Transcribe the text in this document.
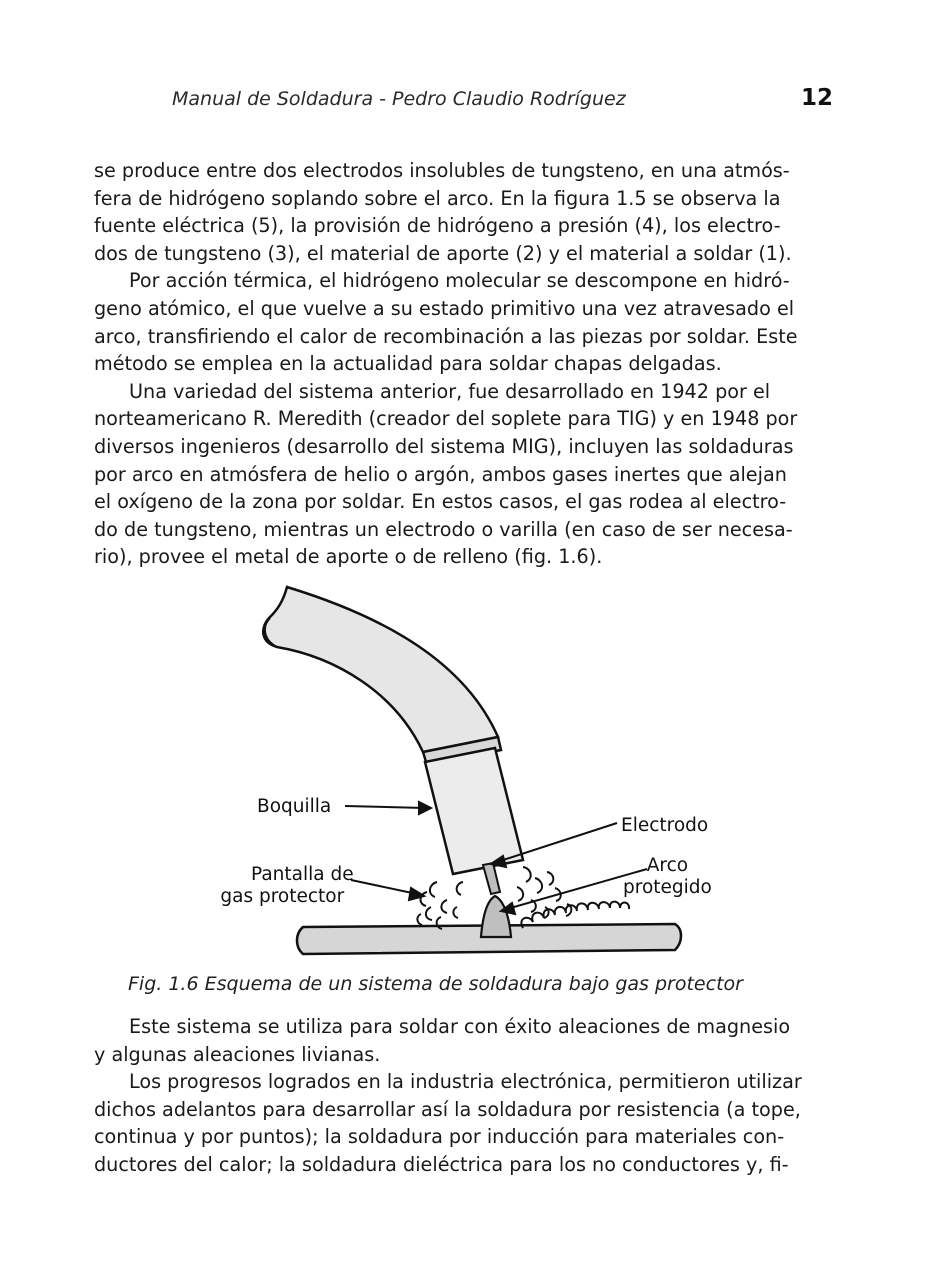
Manual de Soldadura - Pedro Claudio Rodríguez	12
se produce entre dos electrodos insolubles de tungsteno, en una atmós-
fera de hidrógeno soplando sobre el arco. En la figura 1.5 se observa la
fuente eléctrica (5), la provisión de hidrógeno a presión (4), los electro-
dos de tungsteno (3), el material de aporte (2) y el material a soldar (1).
Por acción térmica, el hidrógeno molecular se descompone en hidró-
geno atómico, el que vuelve a su estado primitivo una vez atravesado el
arco, transfiriendo el calor de recombinación a las piezas por soldar. Este
método se emplea en la actualidad para soldar chapas delgadas.
Una variedad del sistema anterior, fue desarrollado en 1942 por el
norteamericano R. Meredith (creador del soplete para TIG) y en 1948 por
diversos ingenieros (desarrollo del sistema MIG), incluyen las soldaduras
por arco en atmósfera de helio o argón, ambos gases inertes que alejan
el oxígeno de la zona por soldar. En estos casos, el gas rodea al electro-
do de tungsteno, mientras un electrodo o varilla (en caso de ser necesa-
rio), provee el metal de aporte o de relleno (fig. 1.6).
Boquilla
Electrodo
Pantalla de
gas protector
Arco
protegido
Fig. 1.6 Esquema de un sistema de soldadura bajo gas protector
Este sistema se utiliza para soldar con éxito aleaciones de magnesio
y algunas aleaciones livianas.
Los progresos logrados en la industria electrónica, permitieron utilizar
dichos adelantos para desarrollar así la soldadura por resistencia (a tope,
continua y por puntos); la soldadura por inducción para materiales con-
ductores del calor; la soldadura dieléctrica para los no conductores y, fi-
